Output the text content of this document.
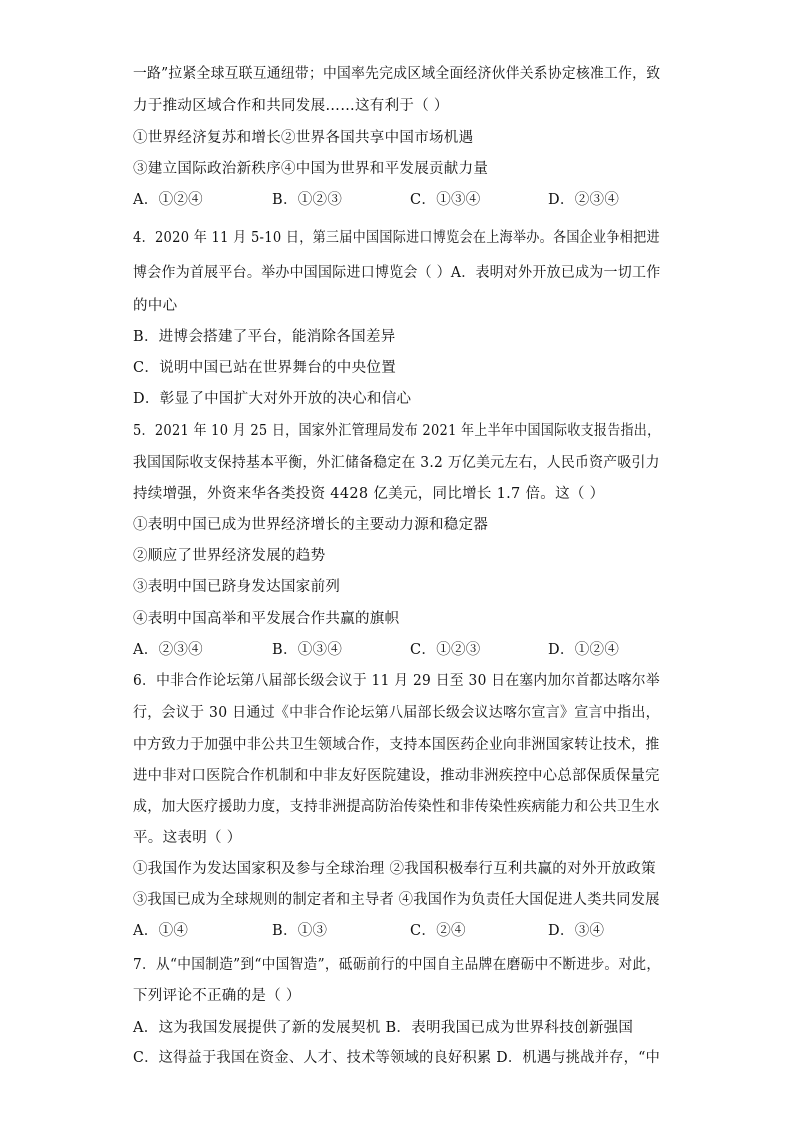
一路”拉紧全球互联互通纽带；中国率先完成区域全面经济伙伴关系协定核准工作，致
力于推动区域合作和共同发展……这有利于（ ）
①世界经济复苏和增长②世界各国共享中国市场机遇
③建立国际政治新秩序④中国为世界和平发展贡献力量
A．①②④	B．①②③	C．①③④	D．②③④
4．2020 年 11 月 5-10 日，第三届中国国际进口博览会在上海举办。各国企业争相把进
博会作为首展平台。举办中国国际进口博览会（ ）A．表明对外开放已成为一切工作
的中心
B．进博会搭建了平台，能消除各国差异
C．说明中国已站在世界舞台的中央位置
D．彰显了中国扩大对外开放的决心和信心
5．2021 年 10 月 25 日，国家外汇管理局发布 2021 年上半年中国国际收支报告指出，
我国国际收支保持基本平衡，外汇储备稳定在 3.2 万亿美元左右，人民币资产吸引力
持续增强，外资来华各类投资 4428 亿美元，同比增长 1.7 倍。这（ ）
①表明中国已成为世界经济增长的主要动力源和稳定器
②顺应了世界经济发展的趋势
③表明中国已跻身发达国家前列
④表明中国高举和平发展合作共赢的旗帜
A．②③④	B．①③④	C．①②③	D．①②④
6．中非合作论坛第八届部长级会议于 11 月 29 日至 30 日在塞内加尔首都达喀尔举
行，会议于 30 日通过《中非合作论坛第八届部长级会议达喀尔宣言》宣言中指出，
中方致力于加强中非公共卫生领域合作，支持本国医药企业向非洲国家转让技术，推
进中非对口医院合作机制和中非友好医院建设，推动非洲疾控中心总部保质保量完
成，加大医疗援助力度，支持非洲提高防治传染性和非传染性疾病能力和公共卫生水
平。这表明（ ）
①我国作为发达国家积及参与全球治理 ②我国积极奉行互利共赢的对外开放政策
③我国已成为全球规则的制定者和主导者 ④我国作为负责任大国促进人类共同发展
A．①④	B．①③	C．②④	D．③④
7．从“中国制造”到“中国智造”，砥砺前行的中国自主品牌在磨砺中不断进步。对此，
下列评论不正确的是（ ）
A．这为我国发展提供了新的发展契机 B．表明我国已成为世界科技创新强国
C．这得益于我国在资金、人才、技术等领域的良好积累 D．机遇与挑战并存，“中
